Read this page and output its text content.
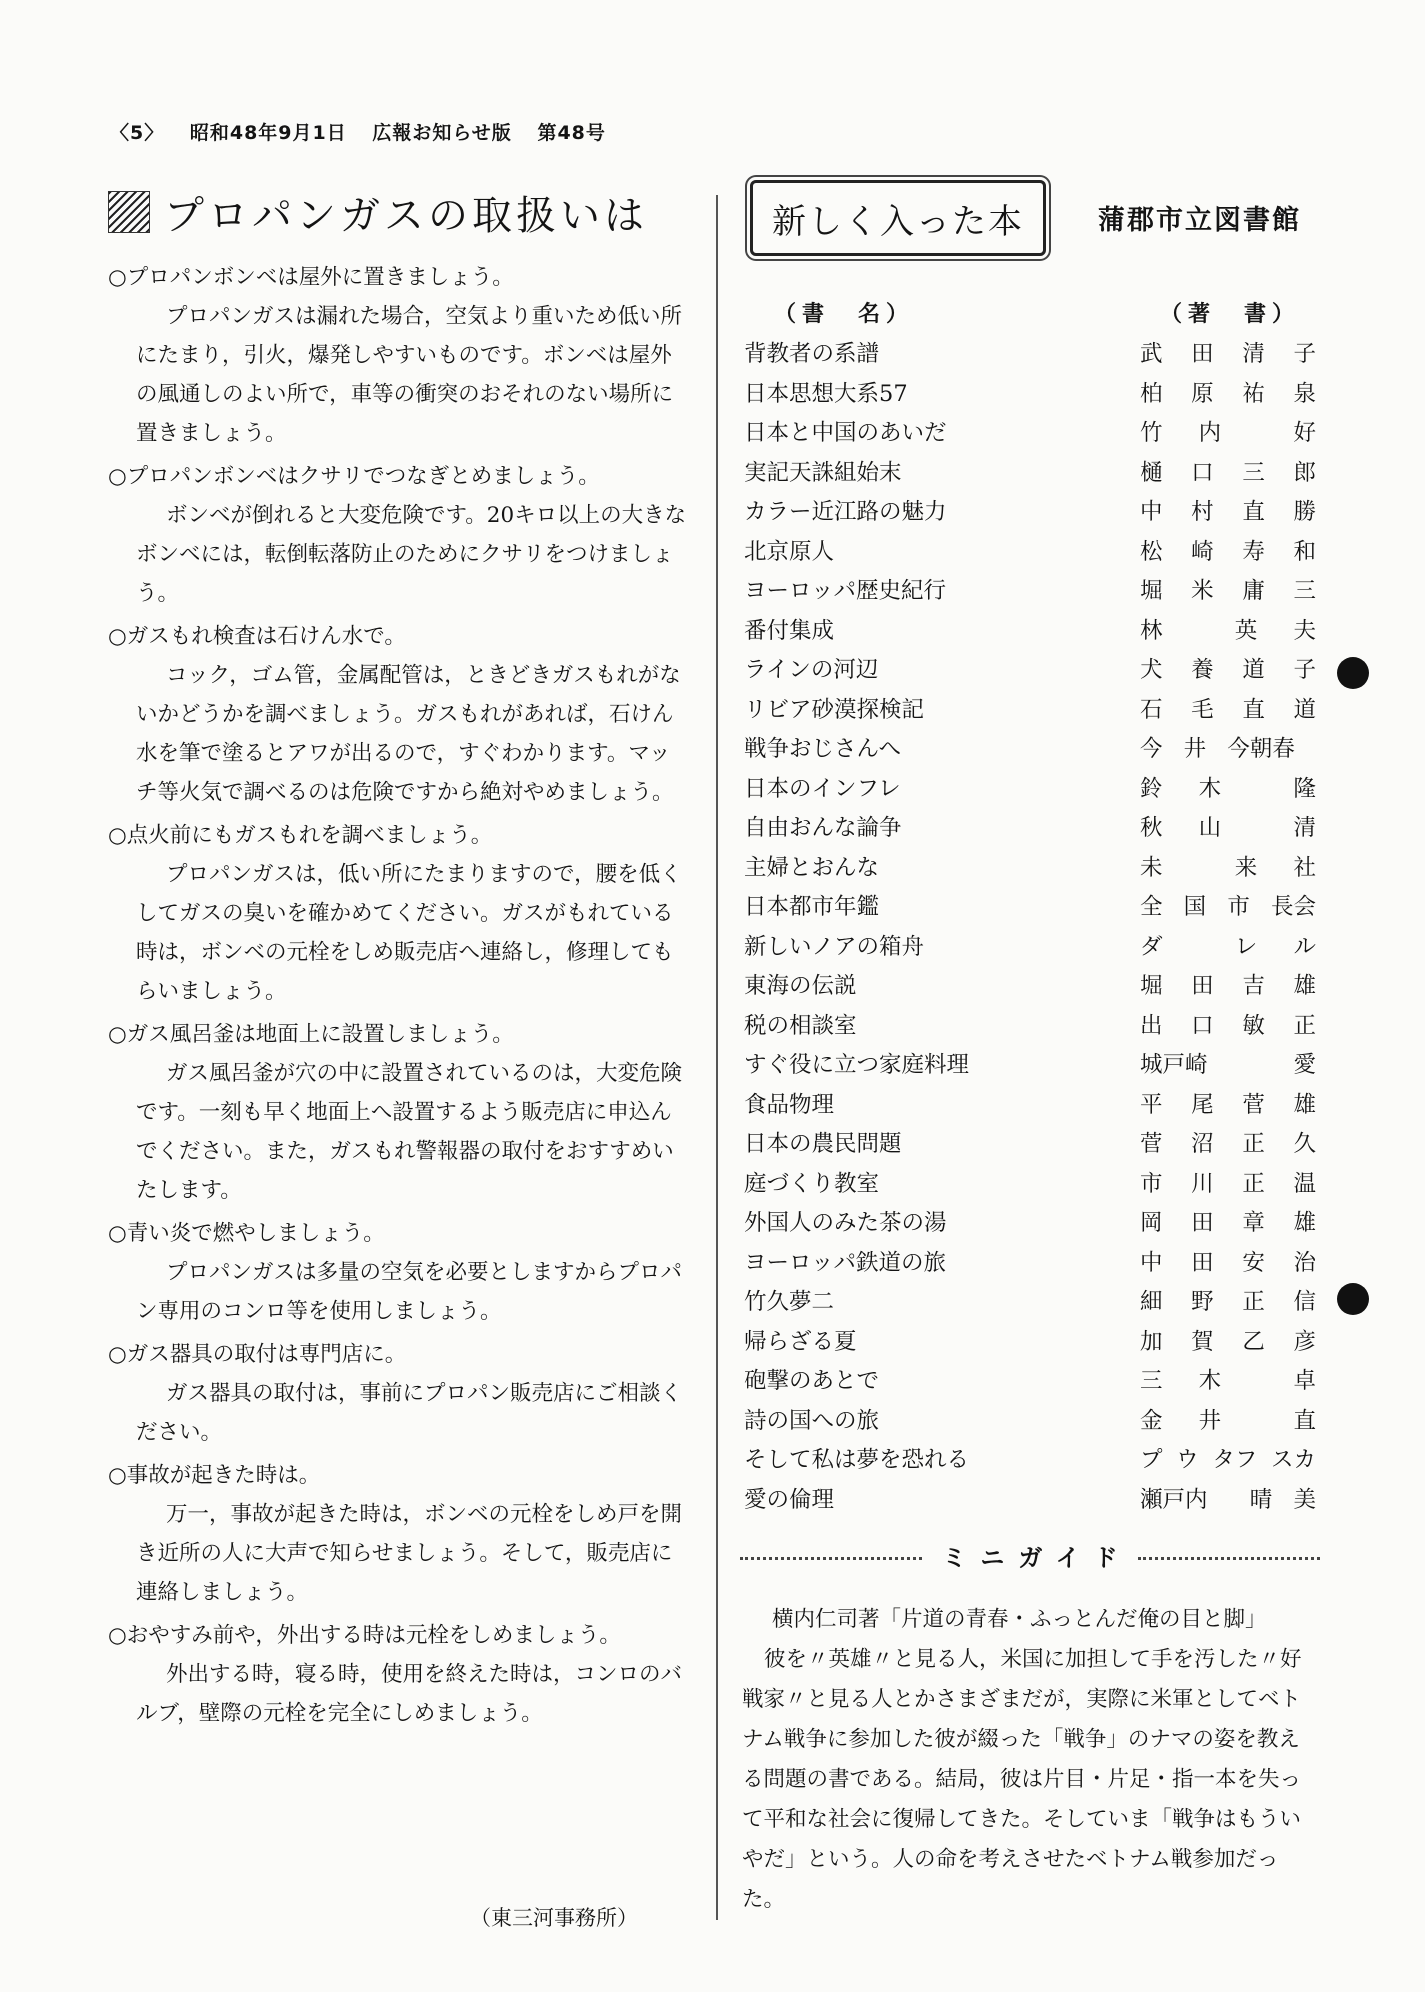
〈5〉 昭和48年9月1日 広報お知らせ版 第48号
プロパンガスの取扱いは
○プロパンボンベは屋外に置きましょう。
プロパンガスは漏れた場合，空気より重いため低い所にたまり，引火，爆発しやすいものです。ボンベは屋外の風通しのよい所で，車等の衝突のおそれのない場所に置きましょう。
○プロパンボンベはクサリでつなぎとめましょう。
ボンベが倒れると大変危険です。20キロ以上の大きなボンベには，転倒転落防止のためにクサリをつけましょう。
○ガスもれ検査は石けん水で。
コック，ゴム管，金属配管は，ときどきガスもれがないかどうかを調べましょう。ガスもれがあれば，石けん水を筆で塗るとアワが出るので，すぐわかります。マッチ等火気で調べるのは危険ですから絶対やめましょう。
○点火前にもガスもれを調べましょう。
プロパンガスは，低い所にたまりますので，腰を低くしてガスの臭いを確かめてください。ガスがもれている時は，ボンベの元栓をしめ販売店へ連絡し，修理してもらいましょう。
○ガス風呂釜は地面上に設置しましょう。
ガス風呂釜が穴の中に設置されているのは，大変危険です。一刻も早く地面上へ設置するよう販売店に申込んでください。また，ガスもれ警報器の取付をおすすめいたします。
○青い炎で燃やしましょう。
プロパンガスは多量の空気を必要としますからプロパン専用のコンロ等を使用しましょう。
○ガス器具の取付は専門店に。
ガス器具の取付は，事前にプロパン販売店にご相談ください。
○事故が起きた時は。
万一，事故が起きた時は，ボンベの元栓をしめ戸を開き近所の人に大声で知らせましょう。そして，販売店に連絡しましょう。
○おやすみ前や，外出する時は元栓をしめましょう。
外出する時，寝る時，使用を終えた時は，コンロのバルブ，壁際の元栓を完全にしめましょう。
（東三河事務所）
新しく入った本	蒲郡市立図書館
（書　名）	（著　書）
背教者の系譜	武 田 清 子
日本思想大系57	柏 原 祐 泉
日本と中国のあいだ	竹 内	好
実記天誅組始末	樋 口 三 郎
カラー近江路の魅力	中 村 直 勝
北京原人	松 崎 寿 和
ヨーロッパ歴史紀行	堀 米 庸 三
番付集成	林	英 夫
ラインの河辺	犬 養 道 子
リビア砂漠探検記	石 毛 直 道
戦争おじさんへ	今 井 今朝春
日本のインフレ	鈴 木	隆
自由おんな論争	秋 山	清
主婦とおんな	未	来 社
日本都市年鑑	全 国 市 長会
新しいノアの箱舟	ダ	レ ル
東海の伝説	堀 田 吉 雄
税の相談室	出 口 敏 正
すぐ役に立つ家庭料理	城戸崎	愛
食品物理	平 尾 菅 雄
日本の農民問題	菅 沼 正 久
庭づくり教室	市 川 正 温
外国人のみた茶の湯	岡 田 章 雄
ヨーロッパ鉄道の旅	中 田 安 治
竹久夢二	細 野 正 信
帰らざる夏	加 賀 乙 彦
砲撃のあとで	三 木	卓
詩の国への旅	金 井	直
そして私は夢を恐れる	プ ウ タフ スカ
愛の倫理	瀬戸内 晴 美
ミニガイド

横内仁司著「片道の青春・ふっとんだ俺の目と脚」

彼を〃英雄〃と見る人，米国に加担して手を汚した〃好戦家〃と見る人とかさまざまだが，実際に米軍としてベトナム戦争に参加した彼が綴った「戦争」のナマの姿を教える問題の書である。結局，彼は片目・片足・指一本を失って平和な社会に復帰してきた。そしていま「戦争はもういやだ」という。人の命を考えさせたベトナム戦参加だった。
